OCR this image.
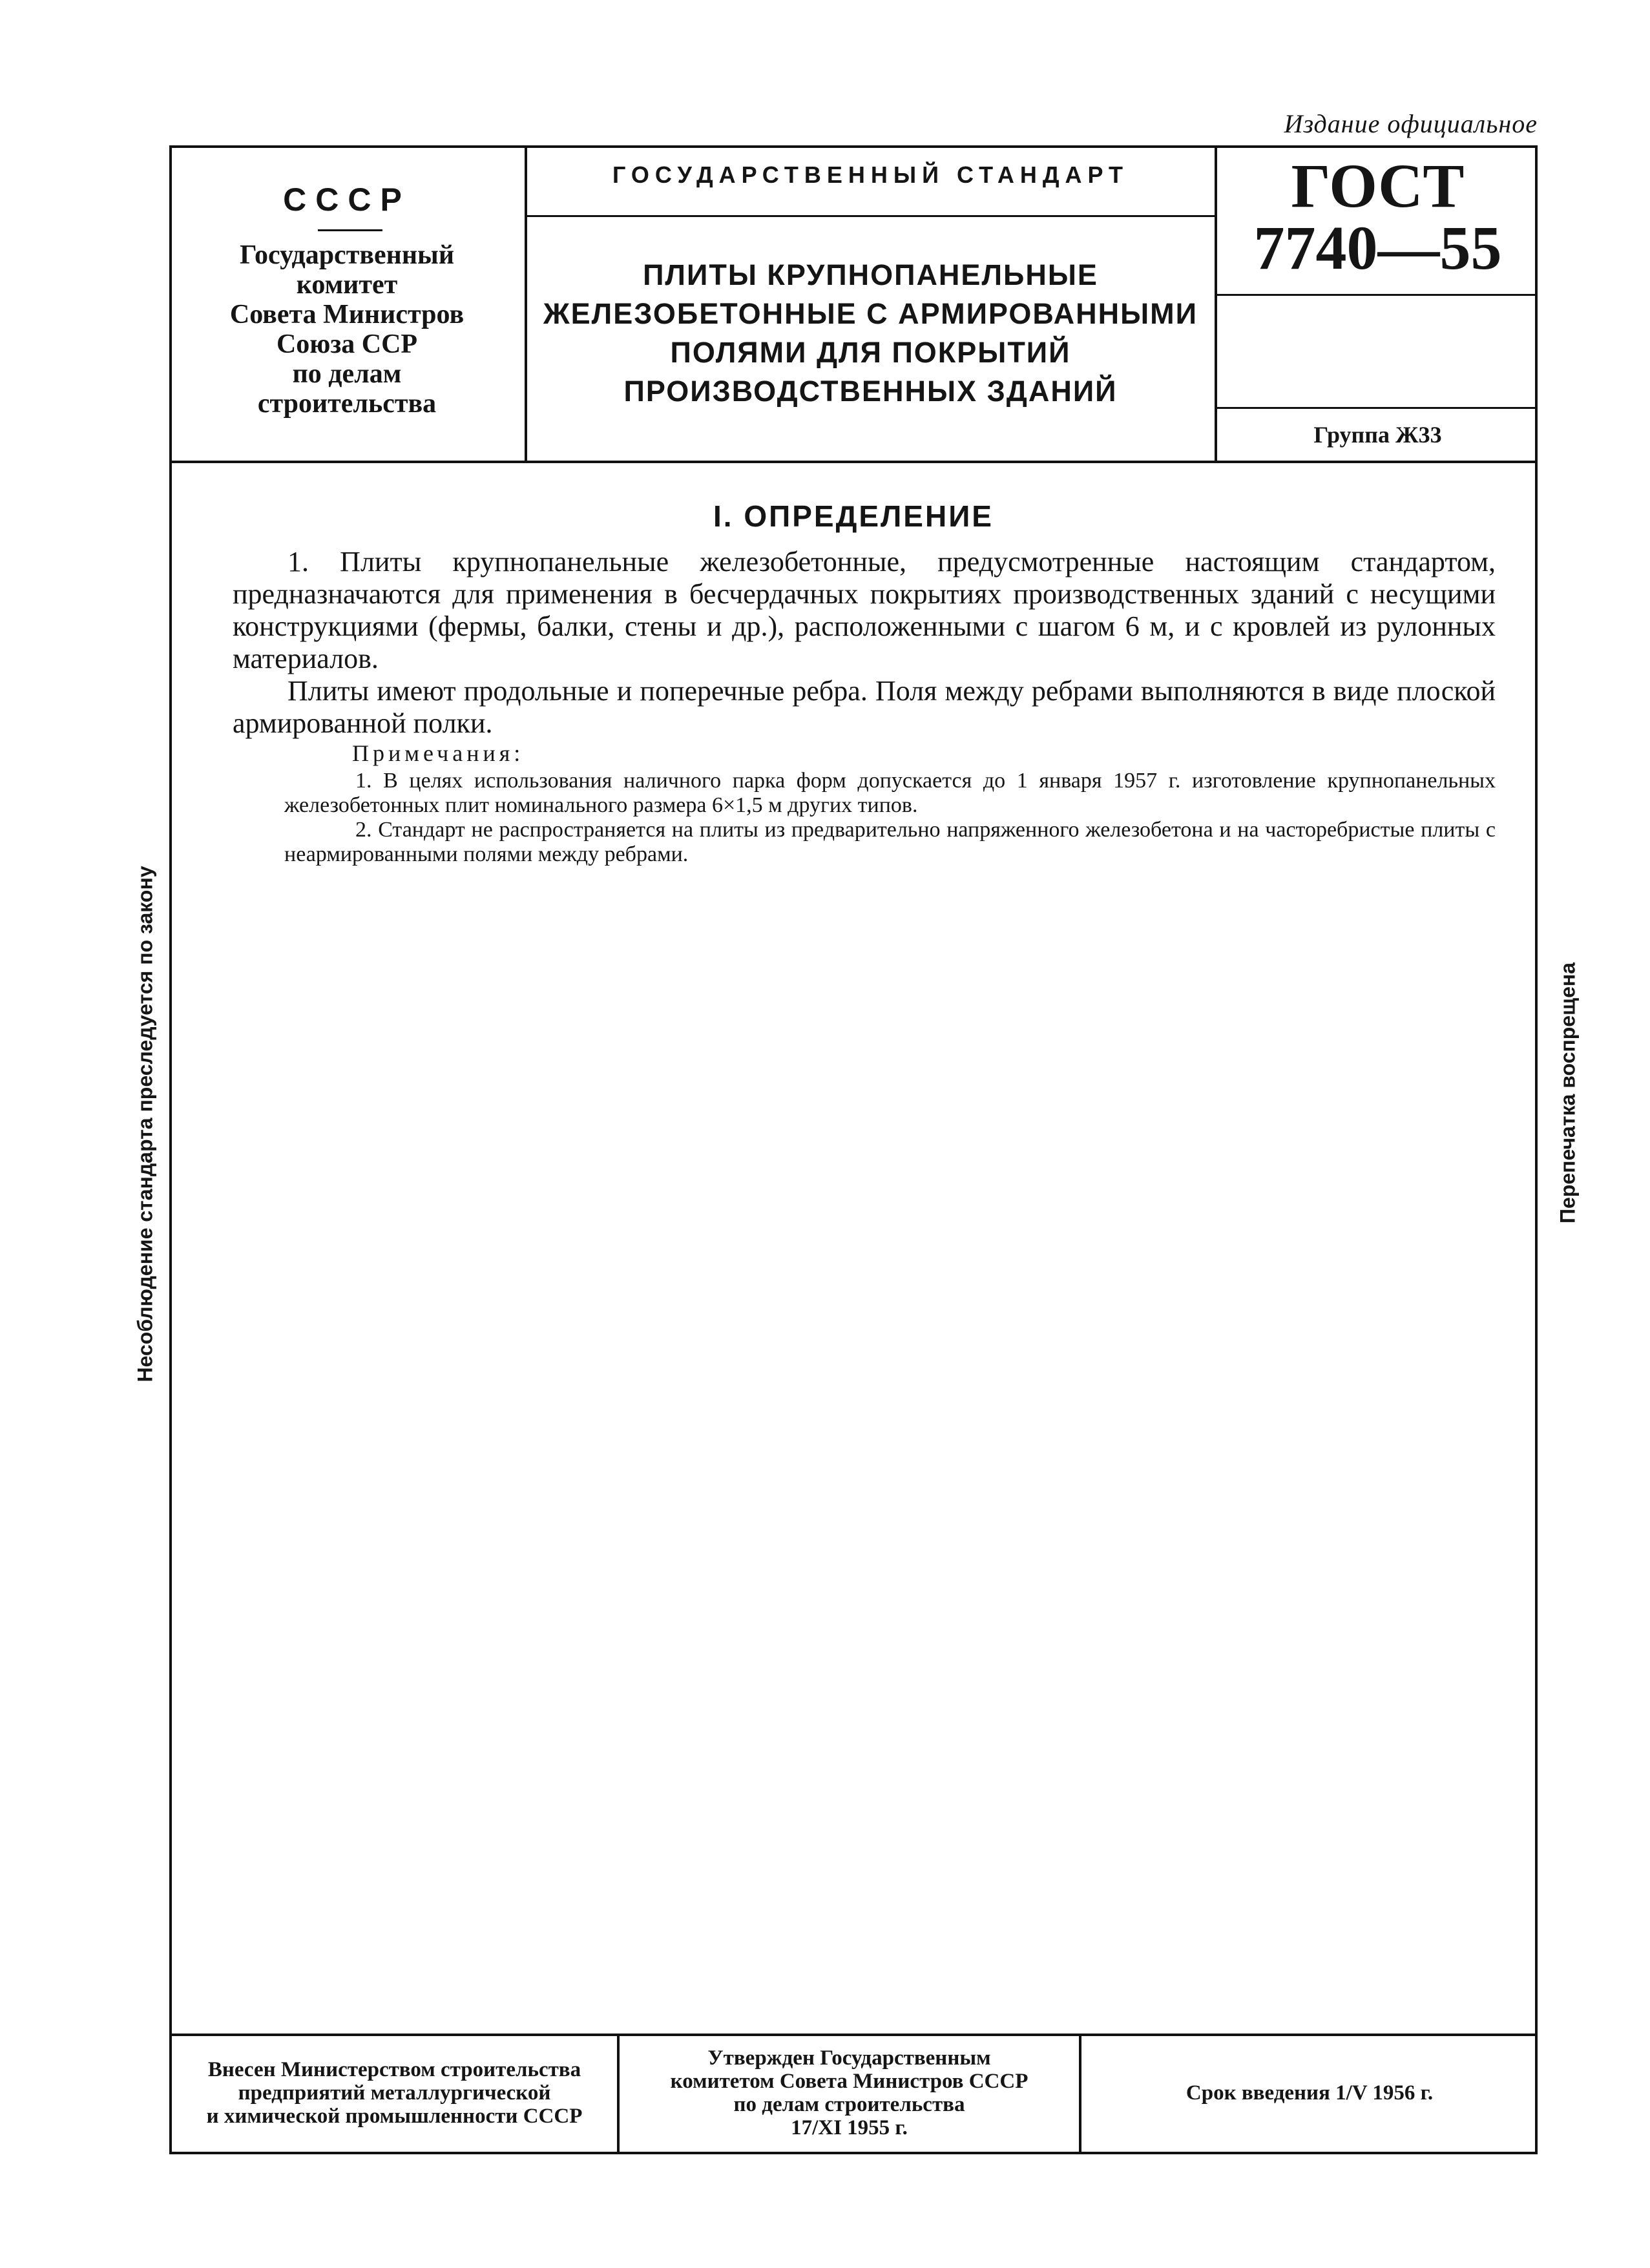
Издание официальное
СССР
Государственный
комитет
Совета Министров
Союза ССР
по делам
строительства
ГОСУДАРСТВЕННЫЙ СТАНДАРТ
ПЛИТЫ КРУПНОПАНЕЛЬНЫЕ
ЖЕЛЕЗОБЕТОННЫЕ С АРМИРОВАННЫМИ
ПОЛЯМИ ДЛЯ ПОКРЫТИЙ
ПРОИЗВОДСТВЕННЫХ ЗДАНИЙ
ГОСТ
7740—55
Группа Ж33
I. ОПРЕДЕЛЕНИЕ
1. Плиты крупнопанельные железобетонные, предусмотренные настоящим стандартом, предназначаются для применения в бесчердачных покрытиях производственных зданий с несущими конструкциями (фермы, балки, стены и др.), расположенными с шагом 6 м, и с кровлей из рулонных материалов.
Плиты имеют продольные и поперечные ребра. Поля между ребрами выполняются в виде плоской армированной полки.
Примечания:
1. В целях использования наличного парка форм допускается до 1 января 1957 г. изготовление крупнопанельных железобетонных плит номинального размера 6×1,5 м других типов.
2. Стандарт не распространяется на плиты из предварительно напряженного железобетона и на часторебристые плиты с неармированными полями между ребрами.
Несоблюдение стандарта преследуется по закону	Перепечатка воспрещена
Внесен Министерством строительства
предприятий металлургической
и химической промышленности СССР
Утвержден Государственным
комитетом Совета Министров СССР
по делам строительства
17/XI 1955 г.
Срок введения 1/V 1956 г.
